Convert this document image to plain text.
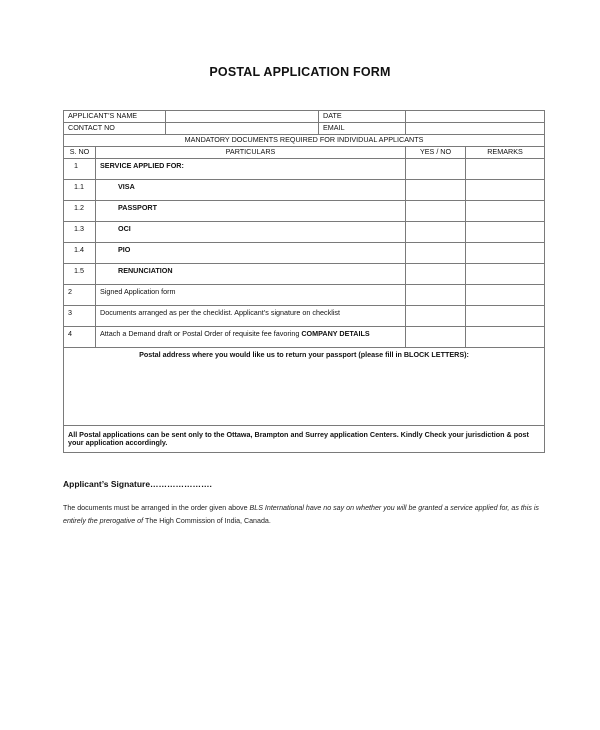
POSTAL APPLICATION FORM
APPLICANT’S NAME			DATE		
CONTACT NO			EMAIL		
MANDATORY DOCUMENTS REQUIRED FOR INDIVIDUAL APPLICANTS					
S. NO	PARTICULARS			YES / NO	REMARKS
1	SERVICE APPLIED FOR:				
1.1	VISA				
1.2	PASSPORT				
1.3	OCI				
1.4	PIO				
1.5	RENUNCIATION				
2	Signed Application form				
3	Documents arranged as per the checklist. Applicant’s signature on checklist				
4	Attach a Demand draft or Postal Order of requisite fee favoring COMPANY DETAILS				
Postal address where you would like us to return your passport (please fill in BLOCK LETTERS):					
All Postal applications can be sent only to the Ottawa, Brampton and Surrey application Centers. Kindly Check your jurisdiction & post your application accordingly.					
Applicant’s Signature………………….
The documents must be arranged in the order given above BLS International have no say on whether you will be granted a service applied for, as this is entirely the prerogative of The High Commission of India, Canada.
